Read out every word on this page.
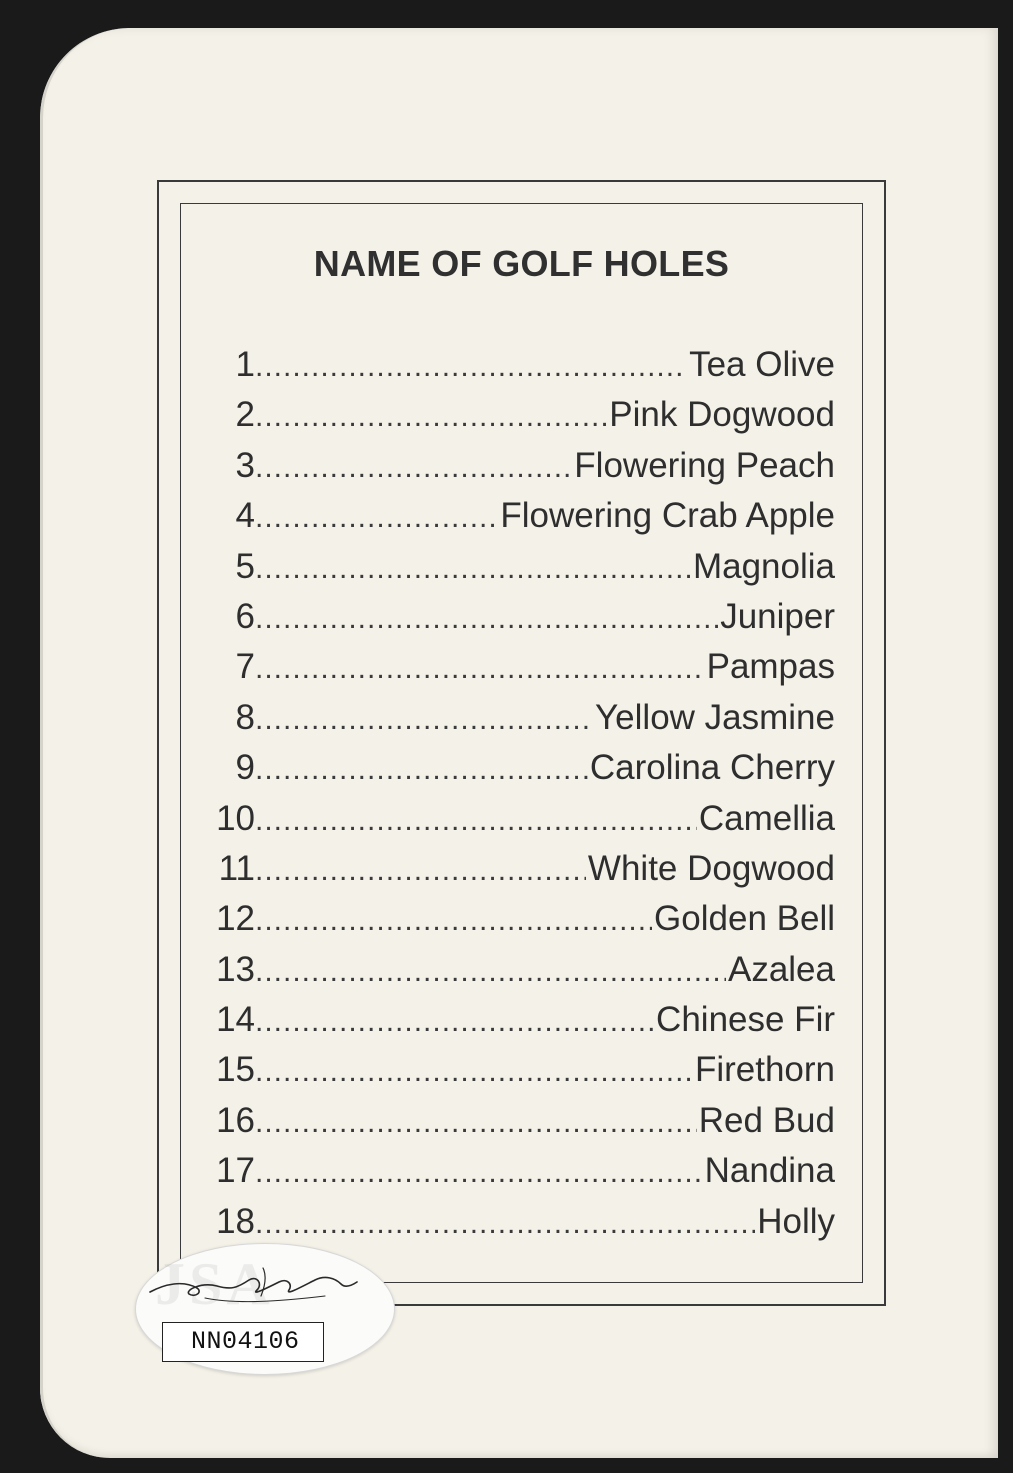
NAME OF GOLF HOLES
1 .....	Tea Olive
2 .....	Pink Dogwood
3 .....	Flowering Peach
4 .....	Flowering Crab Apple
5 .....	Magnolia
6 .....	Juniper
7 .....	Pampas
8 .....	Yellow Jasmine
9 .....	Carolina Cherry
10 .....	Camellia
11 .....	White Dogwood
12 .....	Golden Bell
13 .....	Azalea
14 .....	Chinese Fir
15 .....	Firethorn
16 .....	Red Bud
17 .....	Nandina
18 .....	Holly
JSA
NN04106
